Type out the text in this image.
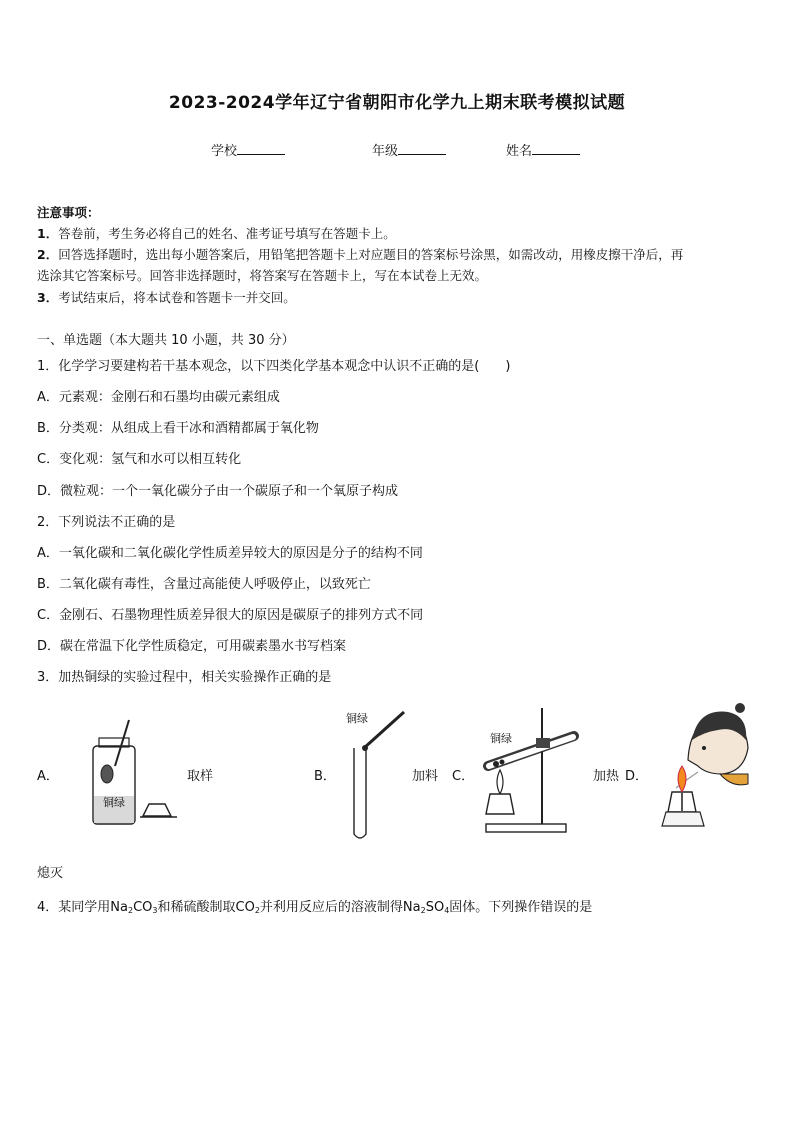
2023-2024学年辽宁省朝阳市化学九上期末联考模拟试题
学校	年级	姓名
注意事项：
1．答卷前，考生务必将自己的姓名、准考证号填写在答题卡上。
2．回答选择题时，选出每小题答案后，用铅笔把答题卡上对应题目的答案标号涂黑，如需改动，用橡皮擦干净后，再
选涂其它答案标号。回答非选择题时，将答案写在答题卡上，写在本试卷上无效。
3．考试结束后，将本试卷和答题卡一并交回。
一、单选题（本大题共 10 小题，共 30 分）
1．化学学习要建构若干基本观念，以下四类化学基本观念中认识不正确的是(　　)
A．元素观：金刚石和石墨均由碳元素组成
B．分类观：从组成上看干冰和酒精都属于氧化物
C．变化观：氢气和水可以相互转化
D．微粒观：一个一氧化碳分子由一个碳原子和一个氧原子构成
2．下列说法不正确的是
A．一氧化碳和二氧化碳化学性质差异较大的原因是分子的结构不同
B．二氧化碳有毒性，含量过高能使人呼吸停止，以致死亡
C．金刚石、石墨物理性质差异很大的原因是碳原子的排列方式不同
D．碳在常温下化学性质稳定，可用碳素墨水书写档案
3．加热铜绿的实验过程中，相关实验操作正确的是
A．	取样	B．	加料 C．	加热 D．
熄灭
铜绿
铜绿
铜绿
4．某同学用$Na_2CO_3$和稀硫酸制取$CO_2$并利用反应后的溶液制得$Na_2SO_4$固体。下列操作错误的是
